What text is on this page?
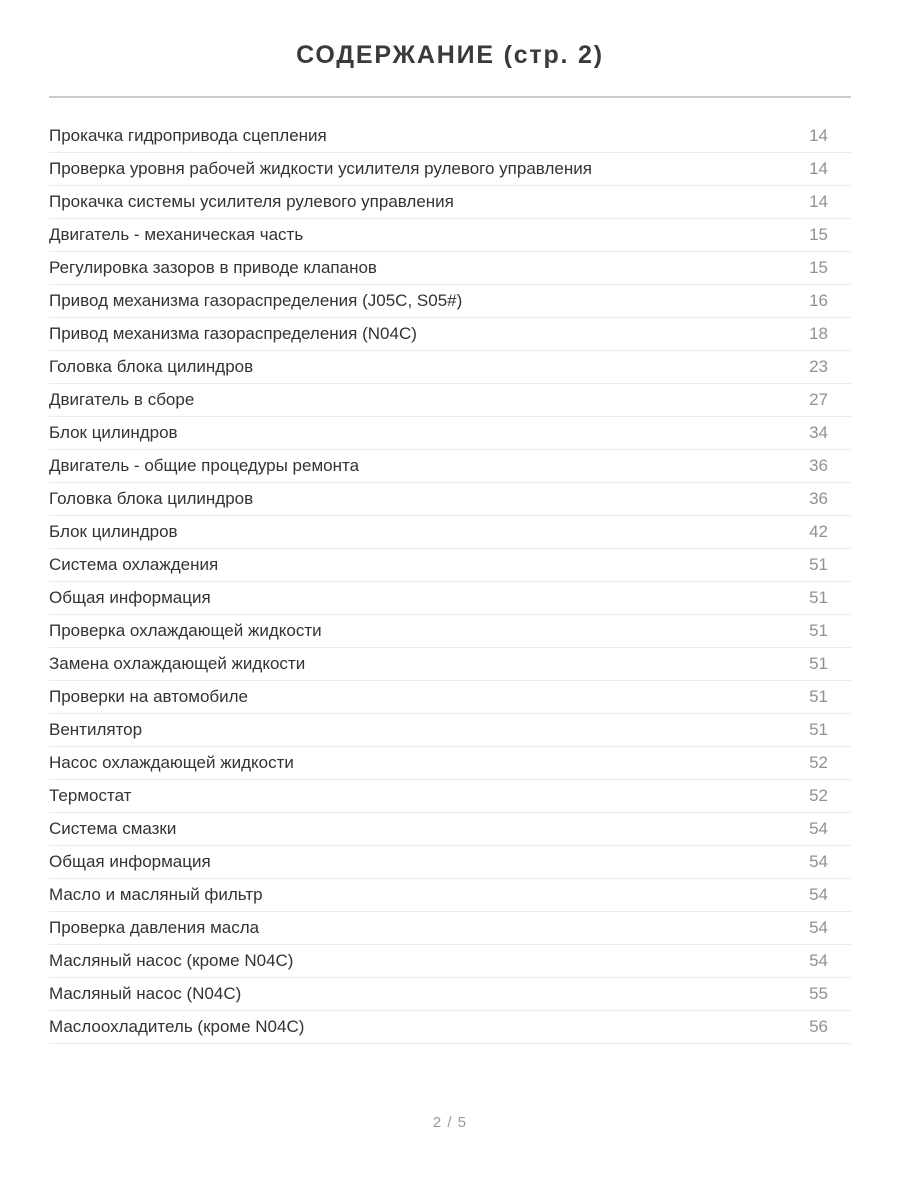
СОДЕРЖАНИЕ (стр. 2)
Прокачка гидропривода сцепления	14
Проверка уровня рабочей жидкости усилителя рулевого управления	14
Прокачка системы усилителя рулевого управления	14
Двигатель - механическая часть	15
Регулировка зазоров в приводе клапанов	15
Привод механизма газораспределения (J05C, S05#)	16
Привод механизма газораспределения (N04C)	18
Головка блока цилиндров	23
Двигатель в сборе	27
Блок цилиндров	34
Двигатель - общие процедуры ремонта	36
Головка блока цилиндров	36
Блок цилиндров	42
Система охлаждения	51
Общая информация	51
Проверка охлаждающей жидкости	51
Замена охлаждающей жидкости	51
Проверки на автомобиле	51
Вентилятор	51
Насос охлаждающей жидкости	52
Термостат	52
Система смазки	54
Общая информация	54
Масло и масляный фильтр	54
Проверка давления масла	54
Масляный насос (кроме N04C)	54
Масляный насос (N04C)	55
Маслоохладитель (кроме N04C)	56
2 / 5
